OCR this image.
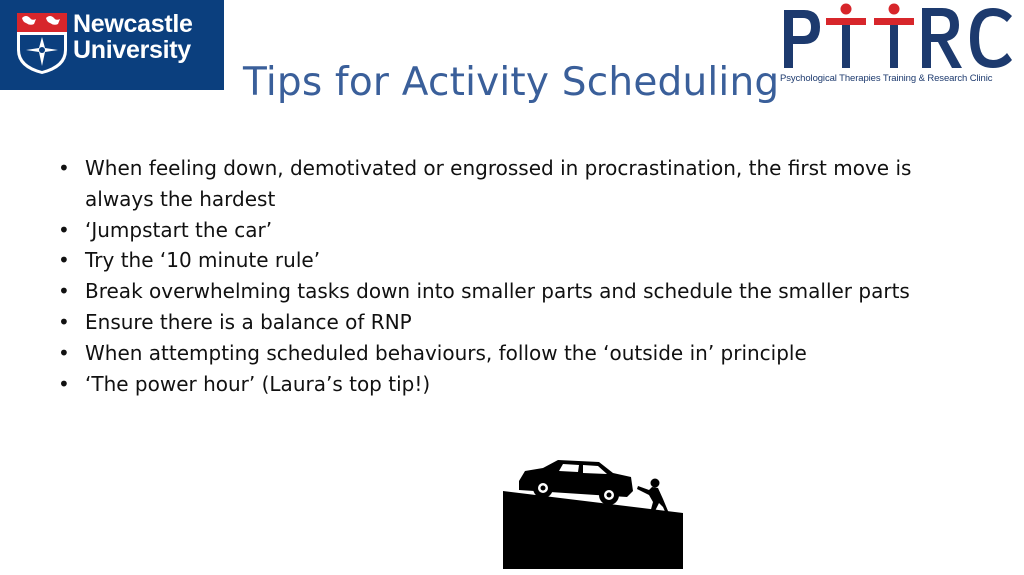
Newcastle
University
Psychological Therapies Training & Research Clinic
Tips for Activity Scheduling
• When feeling down, demotivated or engrossed in procrastination, the first move is always the hardest
• ‘Jumpstart the car’
• Try the ‘10 minute rule’
• Break overwhelming tasks down into smaller parts and schedule the smaller parts
• Ensure there is a balance of RNP
• When attempting scheduled behaviours, follow the ‘outside in’ principle
• ‘The power hour’ (Laura’s top tip!)
